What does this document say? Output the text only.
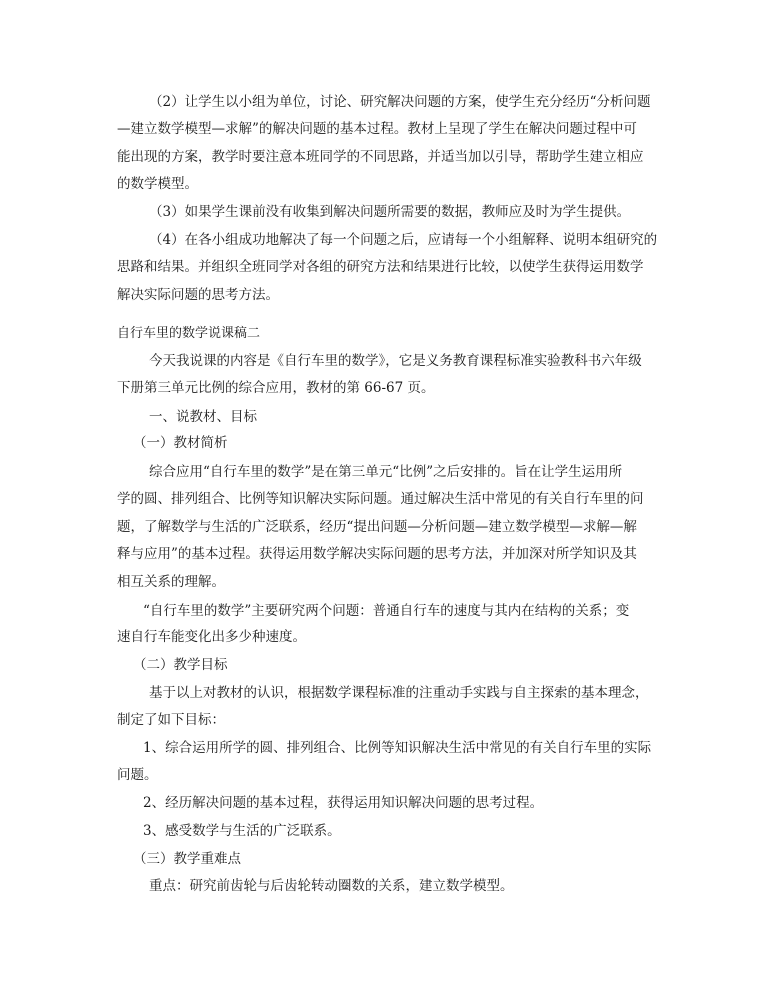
（2）让学生以小组为单位，讨论、研究解决问题的方案，使学生充分经历“分析问题

—建立数学模型—求解”的解决问题的基本过程。教材上呈现了学生在解决问题过程中可

能出现的方案，教学时要注意本班同学的不同思路，并适当加以引导，帮助学生建立相应

的数学模型。

（3）如果学生课前没有收集到解决问题所需要的数据，教师应及时为学生提供。

（4）在各小组成功地解决了每一个问题之后，应请每一个小组解释、说明本组研究的

思路和结果。并组织全班同学对各组的研究方法和结果进行比较，以使学生获得运用数学

解决实际问题的思考方法。

自行车里的数学说课稿二

今天我说课的内容是《自行车里的数学》，它是义务教育课程标准实验教科书六年级

下册第三单元比例的综合应用，教材的第 66-67 页。

一、说教材、目标

（一）教材简析

综合应用“自行车里的数学”是在第三单元“比例”之后安排的。旨在让学生运用所

学的圆、排列组合、比例等知识解决实际问题。通过解决生活中常见的有关自行车里的问

题，了解数学与生活的广泛联系，经历“提出问题—分析问题—建立数学模型—求解—解

释与应用”的基本过程。获得运用数学解决实际问题的思考方法，并加深对所学知识及其

相互关系的理解。

“自行车里的数学”主要研究两个问题：普通自行车的速度与其内在结构的关系；变

速自行车能变化出多少种速度。

（二）教学目标

基于以上对教材的认识，根据数学课程标准的注重动手实践与自主探索的基本理念，

制定了如下目标：

1、综合运用所学的圆、排列组合、比例等知识解决生活中常见的有关自行车里的实际

问题。

2、经历解决问题的基本过程，获得运用知识解决问题的思考过程。

3、感受数学与生活的广泛联系。

（三）教学重难点

重点：研究前齿轮与后齿轮转动圈数的关系，建立数学模型。
